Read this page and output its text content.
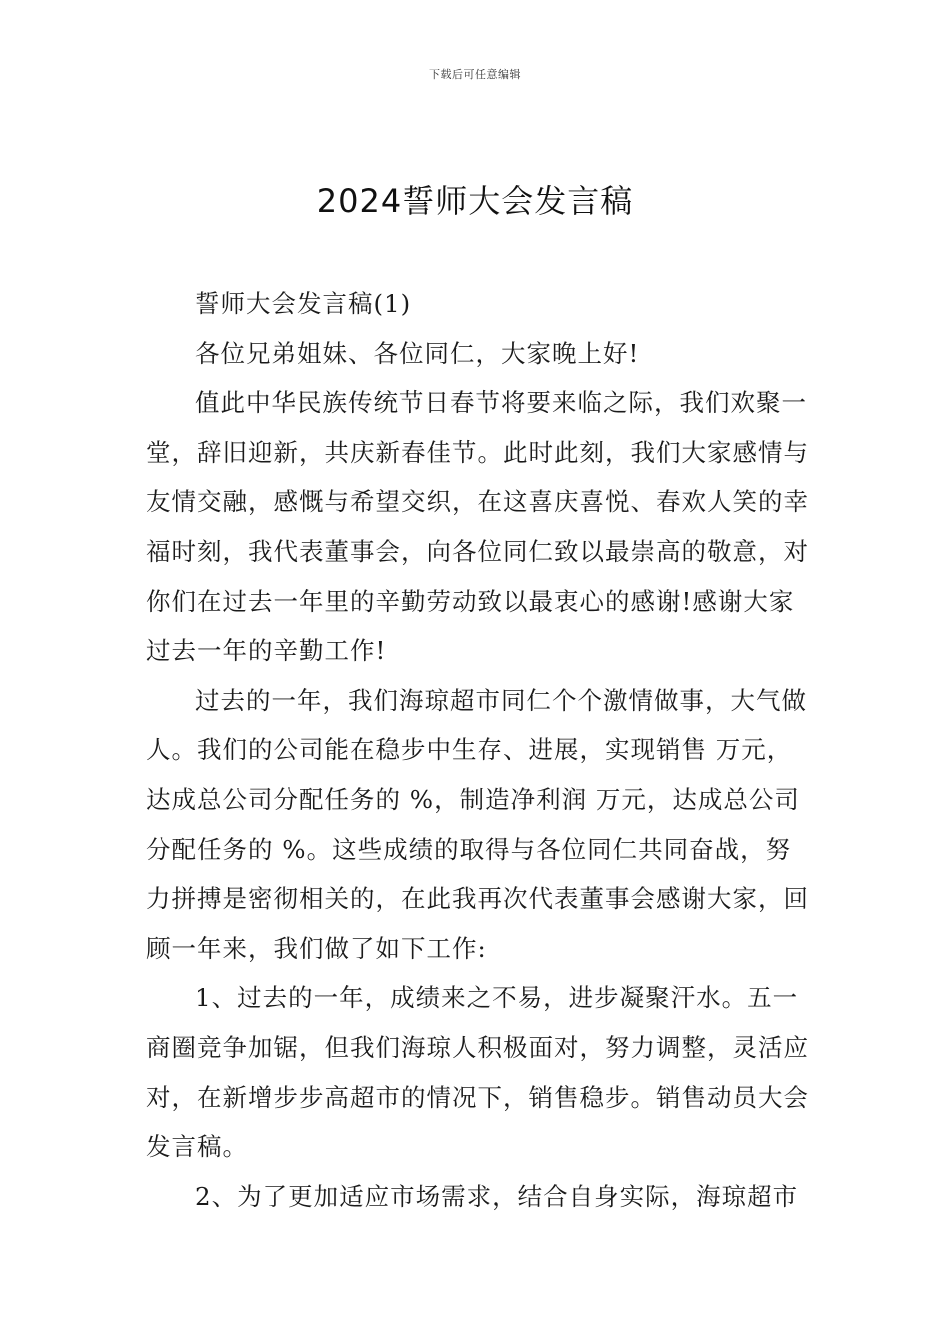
下载后可任意编辑
2024誓师大会发言稿

誓师大会发言稿(1)

各位兄弟姐妹、各位同仁，大家晚上好!

值此中华民族传统节日春节将要来临之际，我们欢聚一堂，辞旧迎新，共庆新春佳节。此时此刻，我们大家感情与友情交融，感慨与希望交织，在这喜庆喜悦、春欢人笑的幸福时刻，我代表董事会，向各位同仁致以最崇高的敬意，对你们在过去一年里的辛勤劳动致以最衷心的感谢!感谢大家过去一年的辛勤工作!

过去的一年，我们海琼超市同仁个个激情做事，大气做人。我们的公司能在稳步中生存、进展，实现销售 万元，达成总公司分配任务的 %，制造净利润 万元，达成总公司分配任务的 %。这些成绩的取得与各位同仁共同奋战，努力拼搏是密彻相关的，在此我再次代表董事会感谢大家，回顾一年来，我们做了如下工作:

1、过去的一年，成绩来之不易，进步凝聚汗水。五一商圈竞争加锯，但我们海琼人积极面对，努力调整，灵活应对，在新增步步高超市的情况下，销售稳步。销售动员大会发言稿。

2、为了更加适应市场需求，结合自身实际，海琼超市
